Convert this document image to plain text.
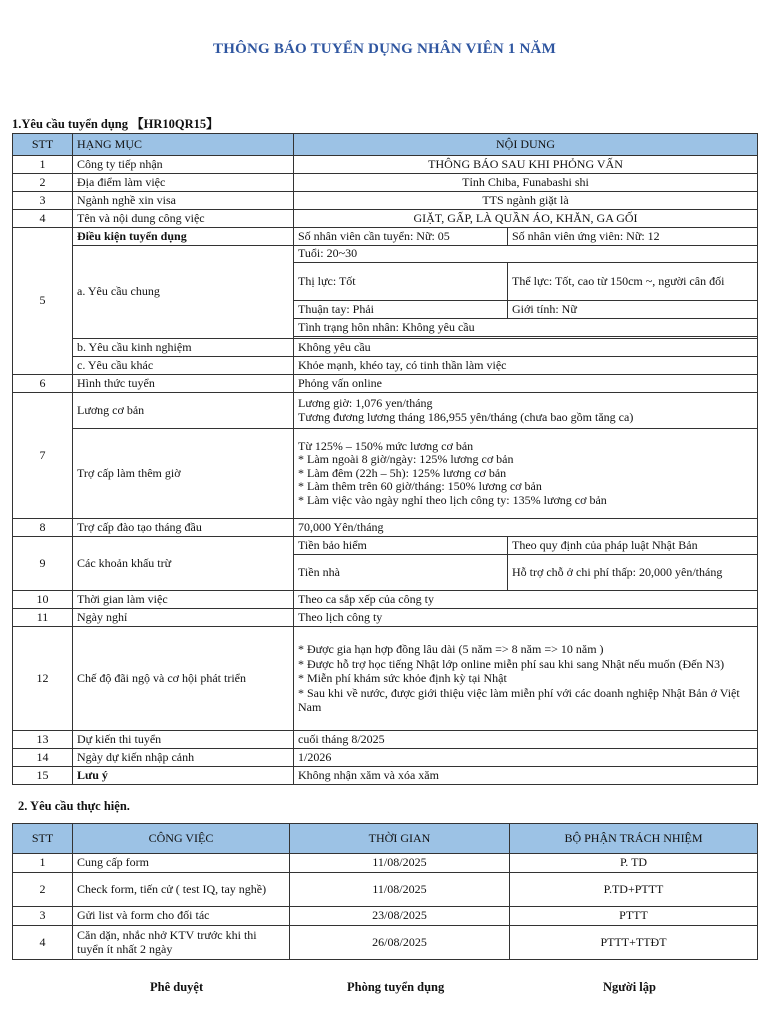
THÔNG BÁO TUYỂN DỤNG NHÂN VIÊN 1 NĂM
1.Yêu cầu tuyển dụng 【HR10QR15】
STT	HẠNG MỤC	NỘI DUNG	
1	Công ty tiếp nhận	THÔNG BÁO SAU KHI PHỎNG VẤN	
2	Địa điểm làm việc	Tỉnh Chiba, Funabashi shi	
3	Ngành nghề xin visa	TTS ngành giặt là	
4	Tên và nội dung công việc	GIẶT, GẤP, LÀ QUẦN ÁO, KHĂN, GA GỐI	
5	Điều kiện tuyển dụng	Số nhân viên cần tuyển: Nữ: 05	Số nhân viên ứng viên: Nữ: 12
	a. Yêu cầu chung	Tuổi: 20~30	
		Thị lực: Tốt	Thể lực: Tốt, cao từ 150cm ~, người cân đối
		Thuận tay: Phải	Giới tính: Nữ
		Tình trạng hôn nhân: Không yêu cầu	

	b. Yêu cầu kinh nghiệm	Không yêu cầu	
	c. Yêu cầu khác	Khỏe mạnh, khéo tay, có tinh thần làm việc	
6	Hình thức tuyển	Phỏng vấn online	
7	Lương cơ bản	Lương giờ: 1,076 yen/tháng
Tương đương lương tháng 186,955 yên/tháng (chưa bao gồm tăng ca)	

	Trợ cấp làm thêm giờ	Từ 125% – 150% mức lương cơ bản
* Làm ngoài 8 giờ/ngày: 125% lương cơ bản
* Làm đêm (22h – 5h): 125% lương cơ bản
* Làm thêm trên 60 giờ/tháng: 150% lương cơ bản
* Làm việc vào ngày nghỉ theo lịch công ty: 135% lương cơ bản	

8	Trợ cấp đào tạo tháng đầu	70,000 Yên/tháng	
9	Các khoản khấu trừ	Tiền bảo hiểm	Theo quy định của pháp luật Nhật Bản
		Tiền nhà	Hỗ trợ chỗ ở chi phí thấp: 20,000 yên/tháng
10	Thời gian làm việc	Theo ca sắp xếp của công ty	
11	Ngày nghỉ	Theo lịch công ty	
12	Chế độ đãi ngộ và cơ hội phát triển	* Được gia hạn hợp đồng lâu dài (5 năm => 8 năm => 10 năm )
* Được hỗ trợ học tiếng Nhật lớp online miễn phí sau khi sang Nhật nếu muốn (Đến N3)
* Miễn phí khám sức khỏe định kỳ tại Nhật
* Sau khi về nước, được giới thiệu việc làm miễn phí với các doanh nghiệp Nhật Bản ở Việt Nam	

13	Dự kiến thi tuyển	cuối tháng 8/2025	
14	Ngày dự kiến nhập cảnh	1/2026	
15	Lưu ý	Không nhận xăm và xóa xăm	
2. Yêu cầu thực hiện.
STT	CÔNG VIỆC	THỜI GIAN	BỘ PHẬN TRÁCH NHIỆM
1	Cung cấp form	11/08/2025	P. TD
2	Check form, tiến cử ( test IQ, tay nghề)	11/08/2025	P.TD+PTTT
3	Gửi list và form cho đối tác	23/08/2025	PTTT
4	Căn dặn, nhắc nhở KTV trước khi thi tuyển ít nhất 2 ngày	26/08/2025	PTTT+TTĐT
Phê duyệt	Phòng tuyển dụng	Người lập
